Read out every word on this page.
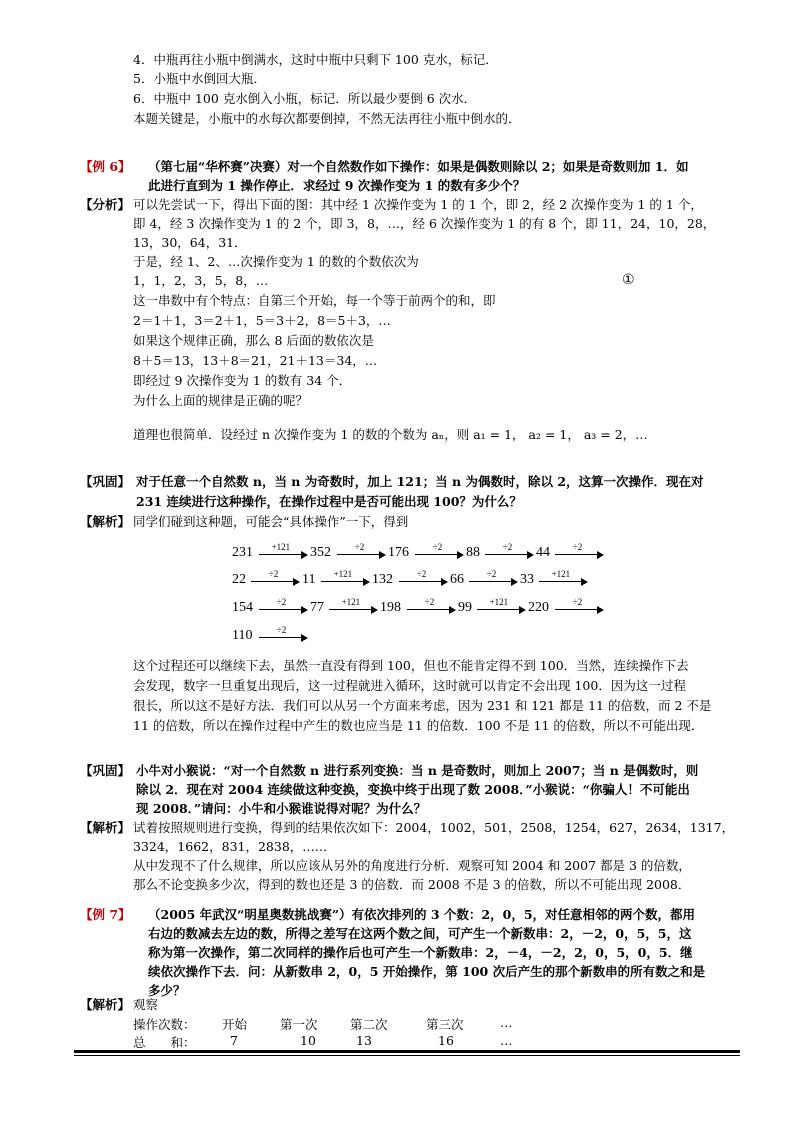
4．中瓶再往小瓶中倒满水，这时中瓶中只剩下 100 克水，标记．
5．小瓶中水倒回大瓶．
6．中瓶中 100 克水倒入小瓶，标记．所以最少要倒 6 次水．
本题关键是，小瓶中的水每次都要倒掉，不然无法再往小瓶中倒水的．
【例 6】 （第七届“华杯赛”决赛）对一个自然数作如下操作：如果是偶数则除以 2；如果是奇数则加 1．如
此进行直到为 1 操作停止．求经过 9 次操作变为 1 的数有多少个？
【分析】 可以先尝试一下，得出下面的图：其中经 1 次操作变为 1 的 1 个，即 2，经 2 次操作变为 1 的 1 个，
即 4，经 3 次操作变为 1 的 2 个，即 3，8，…，经 6 次操作变为 1 的有 8 个，即 11，24，10，28，
13，30，64，31．
于是，经 1、2、…次操作变为 1 的数的个数依次为
1，1，2，3，5，8，…	①
这一串数中有个特点：自第三个开始，每一个等于前两个的和，即
2＝1＋1，3＝2＋1，5＝3＋2，8＝5＋3，…
如果这个规律正确，那么 8 后面的数依次是
8＋5＝13，13＋8＝21，21＋13＝34，…
即经过 9 次操作变为 1 的数有 34 个．
为什么上面的规律是正确的呢？
道理也很简单．设经过 n 次操作变为 1 的数的个数为 aₙ，则 a₁ = 1， a₂ = 1， a₃ = 2，…
【巩固】 对于任意一个自然数 n，当 n 为奇数时，加上 121；当 n 为偶数时，除以 2，这算一次操作．现在对
231 连续进行这种操作，在操作过程中是否可能出现 100？为什么？
【解析】 同学们碰到这种题，可能会“具体操作”一下，得到
231 +121 352	÷2 176	÷2 88	÷2 44	÷2
22	÷2 11 +121 132	÷2 66	÷2 33 +121
154	÷2 77 +121 198	÷2 99 +121 220	÷2
110	÷2
这个过程还可以继续下去，虽然一直没有得到 100，但也不能肯定得不到 100．当然，连续操作下去
会发现，数字一旦重复出现后，这一过程就进入循环，这时就可以肯定不会出现 100．因为这一过程
很长，所以这不是好方法．我们可以从另一个方面来考虑，因为 231 和 121 都是 11 的倍数，而 2 不是
11 的倍数，所以在操作过程中产生的数也应当是 11 的倍数．100 不是 11 的倍数，所以不可能出现．
【巩固】 小牛对小猴说：“对一个自然数 n 进行系列变换：当 n 是奇数时，则加上 2007；当 n 是偶数时，则
除以 2．现在对 2004 连续做这种变换，变换中终于出现了数 2008．”小猴说：“你骗人！不可能出
现 2008．”请问：小牛和小猴谁说得对呢？为什么？
【解析】 试着按照规则进行变换，得到的结果依次如下：2004，1002，501，2508，1254，627，2634，1317，
3324，1662，831，2838，……
从中发现不了什么规律，所以应该从另外的角度进行分析．观察可知 2004 和 2007 都是 3 的倍数，
那么不论变换多少次，得到的数也还是 3 的倍数．而 2008 不是 3 的倍数，所以不可能出现 2008．
【例 7】 （2005 年武汉“明星奥数挑战赛”）有依次排列的 3 个数：2，0，5，对任意相邻的两个数，都用
右边的数减去左边的数，所得之差写在这两个数之间，可产生一个新数串：2，－2，0，5，5，这
称为第一次操作，第二次同样的操作后也可产生一个新数串：2，－4，－2，2，0，5，0，5．继
续依次操作下去．问：从新数串 2，0，5 开始操作，第 100 次后产生的那个新数串的所有数之和是
多少？
【解析】 观察
操作次数： 开始	第一次	第二次	第三次	…
总　　和：	7	10	13	16	…
